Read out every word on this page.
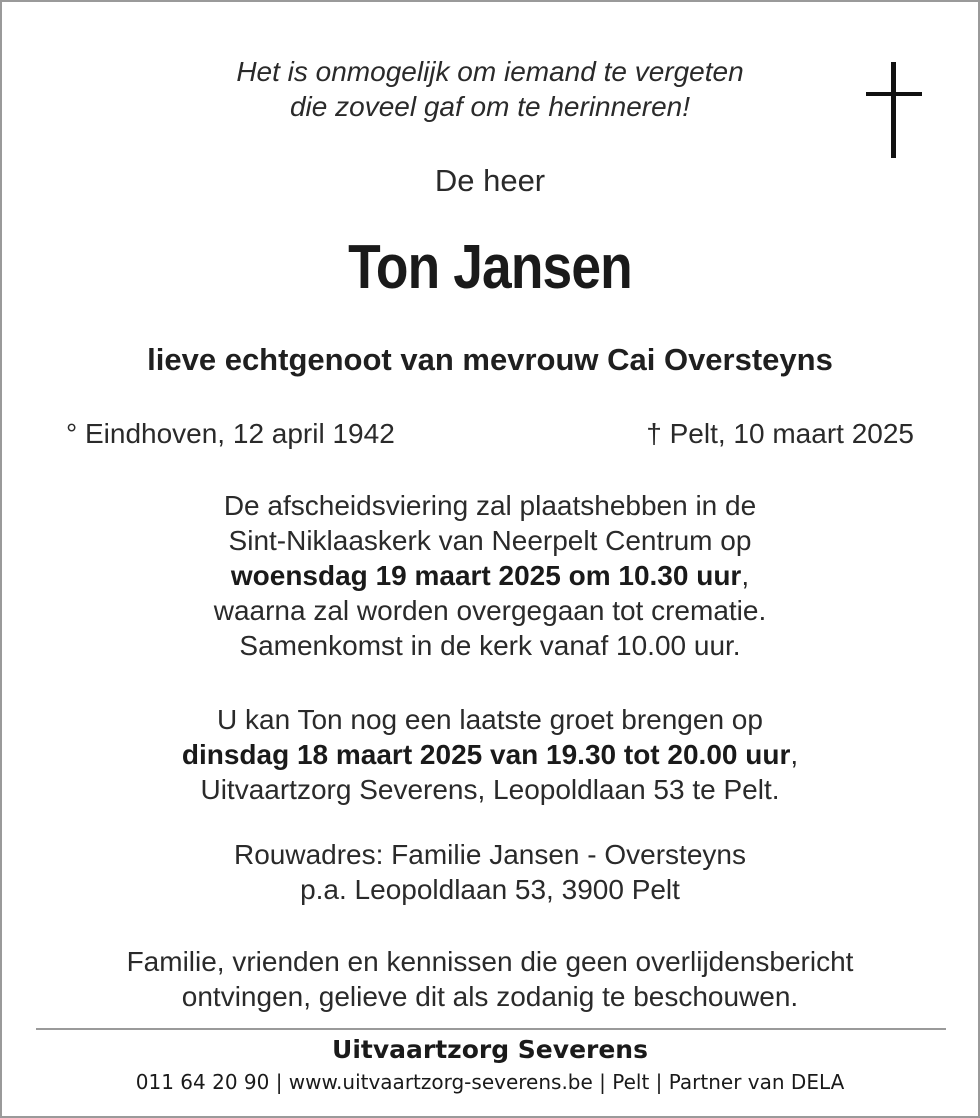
Het is onmogelijk om iemand te vergeten
die zoveel gaf om te herinneren!
De heer
Ton Jansen
lieve echtgenoot van mevrouw Cai Oversteyns
° Eindhoven, 12 april 1942	† Pelt, 10 maart 2025
De afscheidsviering zal plaatshebben in de
Sint-Niklaaskerk van Neerpelt Centrum op
woensdag 19 maart 2025 om 10.30 uur,
waarna zal worden overgegaan tot crematie.
Samenkomst in de kerk vanaf 10.00 uur.
U kan Ton nog een laatste groet brengen op
dinsdag 18 maart 2025 van 19.30 tot 20.00 uur,
Uitvaartzorg Severens, Leopoldlaan 53 te Pelt.
Rouwadres: Familie Jansen - Oversteyns
p.a. Leopoldlaan 53, 3900 Pelt
Familie, vrienden en kennissen die geen overlijdensbericht
ontvingen, gelieve dit als zodanig te beschouwen.
Uitvaartzorg Severens
011 64 20 90 | www.uitvaartzorg-severens.be | Pelt | Partner van DELA
